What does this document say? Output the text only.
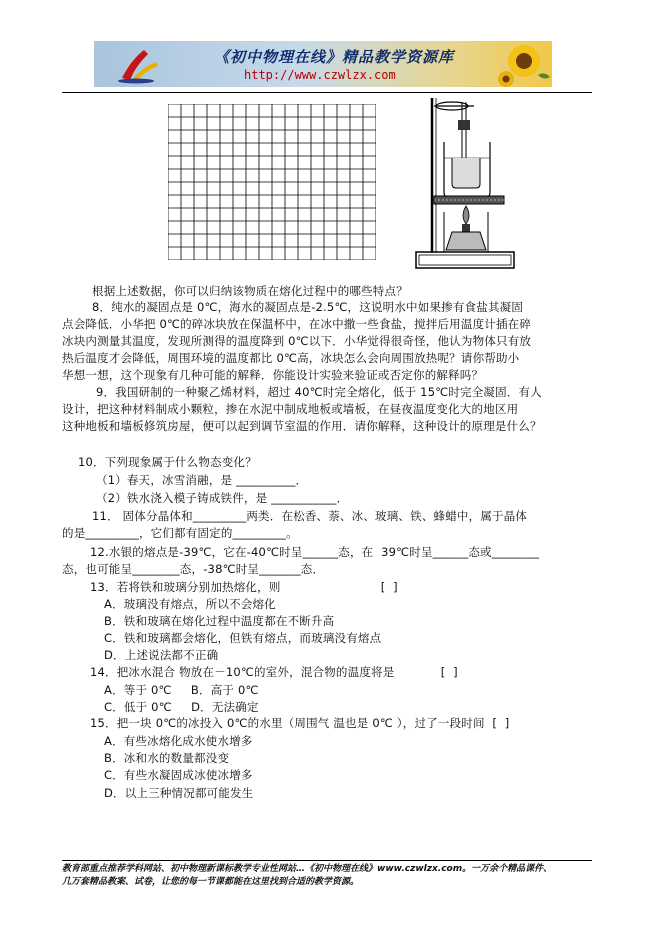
《初中物理在线》精品教学资源库
http://www.czwlzx.com
根据上述数据，你可以归纳该物质在熔化过程中的哪些特点？
8．纯水的凝固点是 0℃，海水的凝固点是-2.5℃，这说明水中如果掺有食盐其凝固
点会降低．小华把 0℃的碎冰块放在保温杯中，在冰中撒一些食盐，搅拌后用温度计插在碎
冰块内测量其温度，发现所测得的温度降到 0℃以下．小华觉得很奇怪，他认为物体只有放
热后温度才会降低，周围环境的温度都比 0℃高，冰块怎么会向周围放热呢？请你帮助小
华想一想，这个现象有几种可能的解释．你能设计实验来验证或否定你的解释吗？
9．我国研制的一种聚乙烯材料，超过 40℃时完全熔化，低于 15℃时完全凝固．有人
设计，把这种材料制成小颗粒，掺在水泥中制成地板或墙板，在昼夜温度变化大的地区用
这种地板和墙板修筑房屋，便可以起到调节室温的作用．请你解释，这种设计的原理是什么？
10．下列现象属于什么物态变化？
（1）春天，冰雪消融，是 __________．
（2）铁水浇入模子铸成铁件，是 ___________．
11． 固体分晶体和_________两类．在松香、萘、冰、玻璃、铁、蜂蜡中，属于晶体
的是_________，它们都有固定的_________。
12.水银的熔点是-39℃，它在-40℃时呈______态，在  39℃时呈______态或________
态，也可能呈________态，-38℃时呈_______态．
13．若将铁和玻璃分别加热熔化，则                          [  ]
A．玻璃没有熔点，所以不会熔化
B．铁和玻璃在熔化过程中温度都在不断升高
C．铁和玻璃都会熔化，但铁有熔点，而玻璃没有熔点
D．上述说法都不正确
14．把冰水混合 物放在－10℃的室外，混合物的温度将是            [  ]
A．等于 0℃     B．高于 0℃
C．低于 0℃     D．无法确定
15．把一块 0℃的冰投入 0℃的水里（周围气 温也是 0℃ ），过了一段时间  [  ]
A．有些冰熔化成水使水增多
B．冰和水的数量都没变
C．有些水凝固成冰使冰增多
D．以上三种情况都可能发生
教育部重点推荐学科网站、初中物理新课标教学专业性网站…《初中物理在线》www.czwlzx.com。一万余个精品课件、
几万套精品教案、试卷，让您的每一节课都能在这里找到合适的教学资源。
